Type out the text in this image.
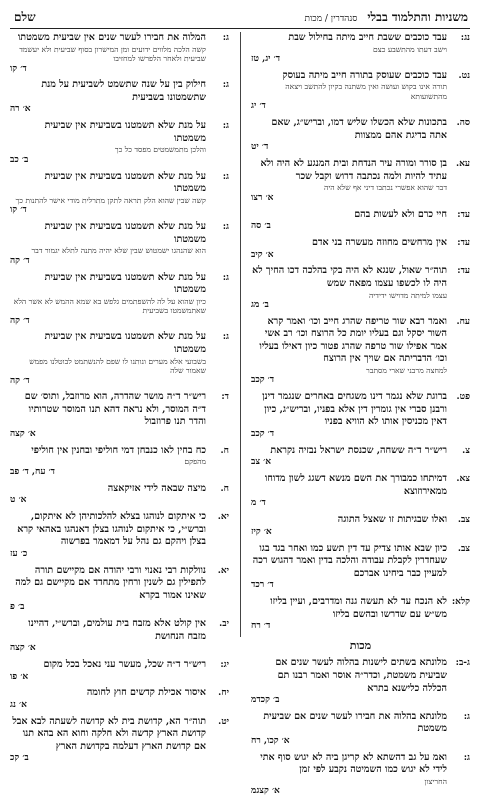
משניות והתלמוד בבלי
סנהדרין / מכות
שלם
נג:
עבד כוכבים ששבת חייב מיתה בחילול שבת
וישב דעתו מהתשבע כצם
ד׳ יג, טז
נט.
עבד כוכבים שעוסק בתורה חייב מיתה בעוסק
תורה אינו בקוש ועושה ואין משתנה בקיון להתשב ויצאה מהתשועותא
ד׳ יג
סה.
בתכונות שלא הכשלו שליש דמו, ובריש״ג, שאם אתה בדיגת אהם ממצוות
ד׳ יט
עא.
בן סורר ומורה עיר הנדחת ובית המנגע לא היה ולא עתיד להיות ולמה נכתבה דרוש וקבל שכר
דבר שהוא אפשרי נכתבו דיני אף שלא היה
א׳ רצו
עד:
חיי כרם ולא לעשות בהם
ב׳ סה
עד:
אין מרחשים מחוזה מעשרה בני אדם
א׳ קיב
עד:
תוה״ר שאול, שנגא לא היה בקי בהלכה דכו החיך לא היה לו לכשפו עצמו מפאה שמש
עצמו למיתה מדוישו ידידיה
ב׳ מג
עח.
ואמר רבא שור טריפה שהרג חייב וכו׳ ואמר קרא השור יסקל וגם בעליו יומת כל הרוצח וכו׳ רב אשי אמר אפילו שור טרפה שהרג פטור כיון דאילו בעליו וכו׳ הדבריתה אם שויך אין הרוצח
למחצה מרבני שארי מסתבר
ד׳ קכב
פט.
ברוגת שלא נגמר דינו משגחים באחרים שנגמר דינן ורבנן סברי אין גומרין דין אלא בפניו, ובריש״ג, כיון דאין מכניסין אותו לא הוויא בפניו
ד׳ קכב
צ.
ריש״ר ד״ה ששחה, שכנסת ישראל נבזיה נקראת
א׳ צב
צא.
דמיתחו כמבורך את השם מנשא דשגג לשון מדוחו ממאירוזוצא
ד׳ מ
צב.
ואלו שבגיתות זו שאצל התוגה
א׳ קיז
צב.
כיון שבא אותו צדיק עד דין תשע כמו ואחר בגד בגו שעחדרין לקבלת עבודה והלכה בדין ואמר דהגוש רכה למעיין כבר ביחינו אברכם
ד׳ רכד
קלא:
לא הנכח עד לא תעשה גנה ומדרבים, ועיין בליזו מש״ש עם שדרשו ובהשם בליזו
ד׳ רח
מכות
ג-ב:
מלונתא בשתים לישנות בהלוה לעשר שנים אם שביעית משמטת, וכדר״ה אוסר ואמר רבנו תם הכללה כלישנא בתרא
ב׳ קכדמ
ג:
מלונתא בהלוה את חבירו לעשר שנים אם שביעית משמטת
א׳ קכו, רח
ג:
ואמ על גב דהשתא לא קריגן ביה לא יגוש סוף אתי לידי לא יגוש כמו השמיטה נקבע לפי זמן
החריצון
א׳ קצגמ
ג:
המלוה את חבירו לעשר שנים אין שביעית משמטתו
קשה הלכה מלווים ידועים ומן המישרון בסוף שביעית ולא יעשמד שביעית ולאחר הלפרשו למחזיבו
ד׳ קו
ג:
חילוק בין על שנה שתשמט לשביעית על מנת שתשמטונו בשביעית
א׳ רה
ג:
על מנת שלא תשמטנו בשביעית אין שביעית משמטתו
והלכן מתמשמטים מפסד כל כך
ב׳ כב
ג:
על מנת שלא תשמטנו בשביעית אין שביעית משמטתו
קשה שבין שהוא הלק תראה לתקן מתרלית מודי אישר להתנות כך
ד׳ קו
ג:
על מנת שלא תשמטנו בשביעית אין שביעית משמטתו
הוא שהנהגו ישמטוש שבין שלא יהיה מתנה לתלא יגמור דבר
ד׳ קה
ג:
על מנת שלא תשמטנו בשביעית אין שביעית משמטתו
כיון שהוא על לה להשפתמים גלפש בא שמא ההמש לא אשר הלא שאתמשמטו בשביעית
ד׳ קה
ג:
על מנת שלא תשמטנו בשביעית אין שביעית משמטתו
בשבועי אלא מערים ונותנו לו שפם להנשתמט לבוטלנו מפמש שאמור שלה
ד׳ קה
ד:
ריש״ר ד״ה מושר שהדרה, הוא מרוזבל, ותוס׳ שם ד״ה המוסר, ולא נראה דהא תנו המוסר שטרותיו והדר תנו פרוזבול
א׳ קצה
ח.
כח בחין לאו כנבחן דמי חוליפי ובחנין אין חוליפי
מהפקם
ד׳ עח, ד׳ פב
ח.
מיצה שבאה לידי אזיקאצה
א׳ ט
יא.
כי איתקום לנוהגו בצלא להלכותיהן לא איתקום, וברש״י, כי איתקום לנוהגו בצלן דאנהגו באהאי קרא בצלן ויהקם גם נהל על דמאמר בפרשוה
כ׳ עז
יא.
נוולקות רבי נאנוי ורבי יהודה אם מקיישם תורה לתפילין גם לשנין ורחין מתחדד אם מקיישם גם למה שאינו אמור בקרא
ב׳ פ
יב.
אין קולט אלא מזבח בית עולמים, וברש״י, דהיינו מזבח הנחושת
א׳ קצה
יג:
ריש״ר ד״ה שכל, מעשר עני נאכל בכל מקום
א׳ פו
יח.
איסור אכילת קדשים חוץ לחומה
א׳ נג
יט.
תוה״ר הא, קדושת בית לא קדושה לשעתה לבא אבל קדושת הארץ קדשה ולא חלקה וחוא הא בהא תנו אם קדושת הארץ דעלמה בקדושת הארץ
ב׳ קכ
